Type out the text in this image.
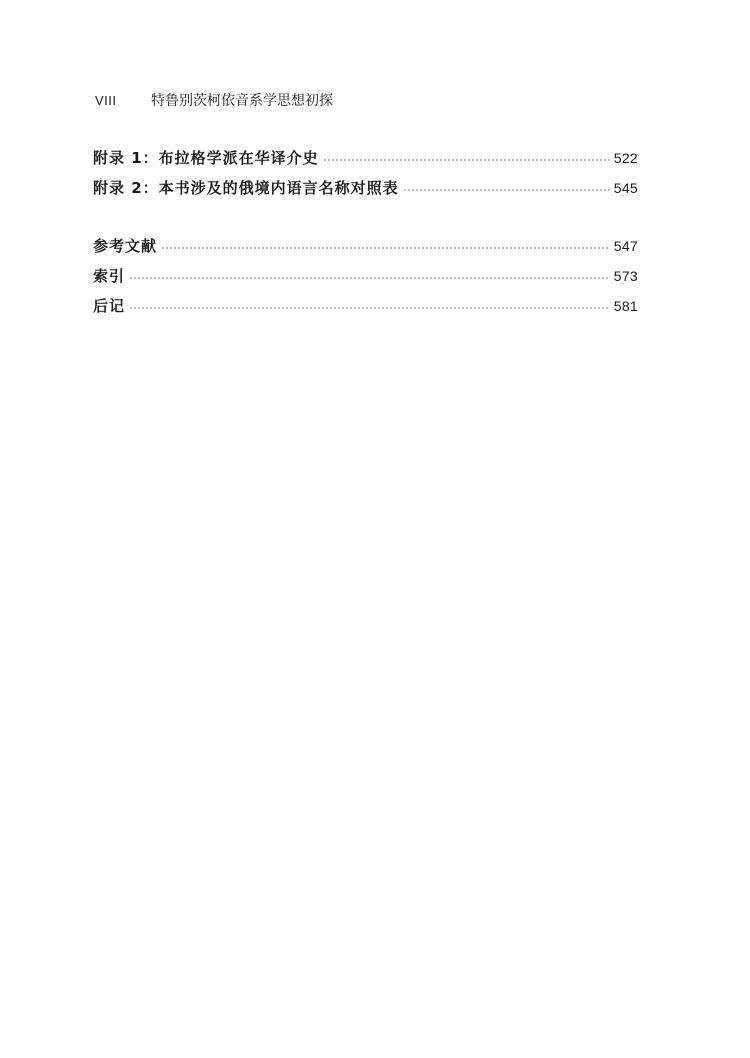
VIII	特鲁别茨柯依音系学思想初探
附录 1：布拉格学派在华译介史	522
附录 2：本书涉及的俄境内语言名称对照表	545
参考文献	547
索引	573
后记	581
